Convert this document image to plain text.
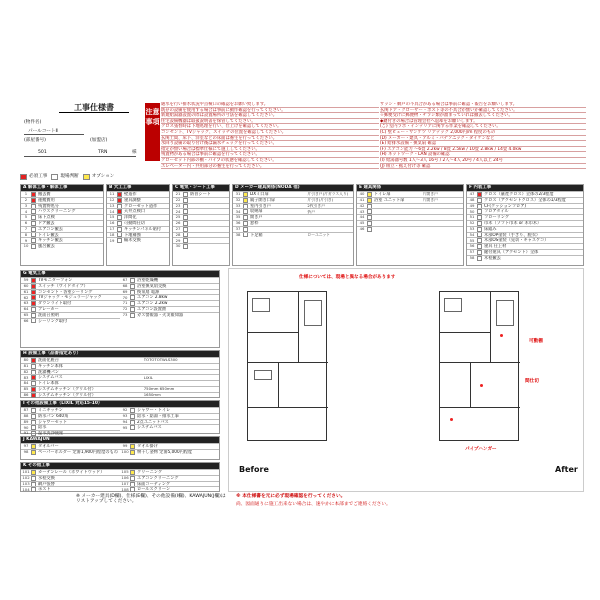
工事仕様書
(物件名)
パールコートⅡ
(部屋番号)	(加盟店)
501	TRN	様
注意事項
通水を行い排水状況や点検口の確認をお願い致します。
既存の設備を使用する場合は事前に動作確認を行ってください。
新規給湯器設置の際は設置場所の寸法を確認してください。
住宅設備機器は取扱説明書を保管してください。
クロス張替時は下地処理を行い、仕上げを確認してください。
コンセント、TVジャック、スイッチの位置を確認してください。
玄関土間、床下、洋室などの床面は養生を行ってください。
水回り設備の取り付け後は漏水チェックを行ってください。
指定が無い場合は標準仕様にて施工してください。
残置物がある場合は事前に確認を行ってください。
クローゼット内部の棚・パイプの状態を確認してください。
エレベーター内・共用部分の養生を行ってください。
サッシ・網戸の不具合がある場合は事前に確認・報告をお願いします。
玄関ドア・クローザー・ポスト等の不具合が無いか確認してください。
☆郵便受けに郵便物・チラシ類が溜まっていれば撤去してください。
◆鍵付きの場合は管理会社へ返却をお願いします。
(ご) 室内ラボ・インテリアに関する作業を確認してください。
(C) 壁ビュー・サンゲツ リアテック 2,000円/m 程度のもの
(D) メーカー・建具・アルミ・パナソニック・ダイケンなど
(E) 給排水設備・換気扇 確認
(F) エアコン能力 ～6畳 2.2kw / 8畳 2.5kw / 10畳 2.8kw / 14畳 4.0kw
(H) ネットワーク・LAN 設備の確認
(I) 給湯器号数 1人～3人 16号 / 2人～4人 20号 / 4人以上 24号
(J) 組立・据え付け等 確認
必須工事	現場判断	オプション
A 解体工事・解体工事
1	撤去費
2	運搬費用
3	残置物処分
4	ハウスクリーニング
5	床下点検
6	ドア撤去
7	エアコン撤去
8	トイレ撤去
9	キッチン撤去
10	風呂撤去
B 大工工事
11	壁造作
12	建具調整
13	クローゼット造作
14	天井点検口
15	洋間化
16	可動間仕切
17	キッチンパネル貼付
18	下地補強
19	幅木交換
C 電気・シート工事
21	防音シート
22
23
24
25
26
27
28
29
30
D メーカー建具関係(NODA 他)
31	DXミ口扉	片引き戸(片ガラス入り)
32	親子開き口扉	片引き(片引き)
33	室内引き戸	2枚引き戸
34	収納扉	折戸
35	開き戸
36	窓枠
37
38	下足箱	ローユニット
E 建具関係
40	トイレ扉	片開き戸
41	浴室 ユニット扉	片開き戸
42
43
44
45
46
F 内装工事
47	クロス（量産クロス）全体の2/3程度
48	クロス（アクセントクロス）全体の1/3程度
49	CF(クッションフロア)
50	フロアタイル
51	フローリング
52	巾木（ソフト巾木 or 木巾木）
53	床組み
54	木部OP塗装（手ざり、脱衣）
55	木部OS塗装（見切・キャスケコ）
56	建具 仕上材
57	鍵付建具（アクセント）全体
58	木栓撤去
G 電気工事
59	TVモニターフォン
60	スイッチ（ワイドタイプ）
61	コンセント・各室シーリング
62	TVジャック・モジュラージャック
63	ダウンライト取付
64	ブレーカー
65	洗面台照明
66	シーリング取付
67	浴室乾燥機
68	浴室換気扇交換
69	換気扇 電源
70	エアコン 2.8kw
71	エアコン 2.2kw
72	エアコン設置費
73	ガス警報器・火災報知器
H 設備工事（品番指定あり）
80	洗面化粧台	TOTOTOTWLS300
81	キッチン本体
82	洗濯機パン
83	システムバス	LIXIL
84	トイレ本体
85	システムキッチン（グリル付）	750mm 650mm
86	システムキッチン（グリル付）	1650mm
I その他設備工事（LIXIL 対応15-10）
87	ミニキッチン
88	防水パン 640角
89	シャワーセット
90	給水
91	温水洗浄便座
92	シャワー・トイレ
93	給水・給湯・排水工事
94	2点ユニットバス
95	システムバス
J KAWAJUN
97	タオルバー
98	ペーパーホルダー 定番1,900円程度のもの
99	タオル掛け
100	物干し金物 定番5,000円程度
K その他工事
101	カーテンレール（ホワイトウッド）
102	水栓交換
103	網戸張替
104	ポスト
105	クリーニング
106	エアコンクリーニング
107	床面コーティング
108	ロールスクリーン
仕様については、現場と異なる場合があります
可動棚
間仕切
パイプハンガー
Before	After
※ メーカー建具(D欄)、仕様(E欄)、その他設備(I欄)、KAWAJUN(J欄)は リストアップしてください。
※ 本仕様書を元に必ず現場確認を行ってください。
尚、図面通りに施工出来ない場合は、速やかに本部までご連絡ください。
